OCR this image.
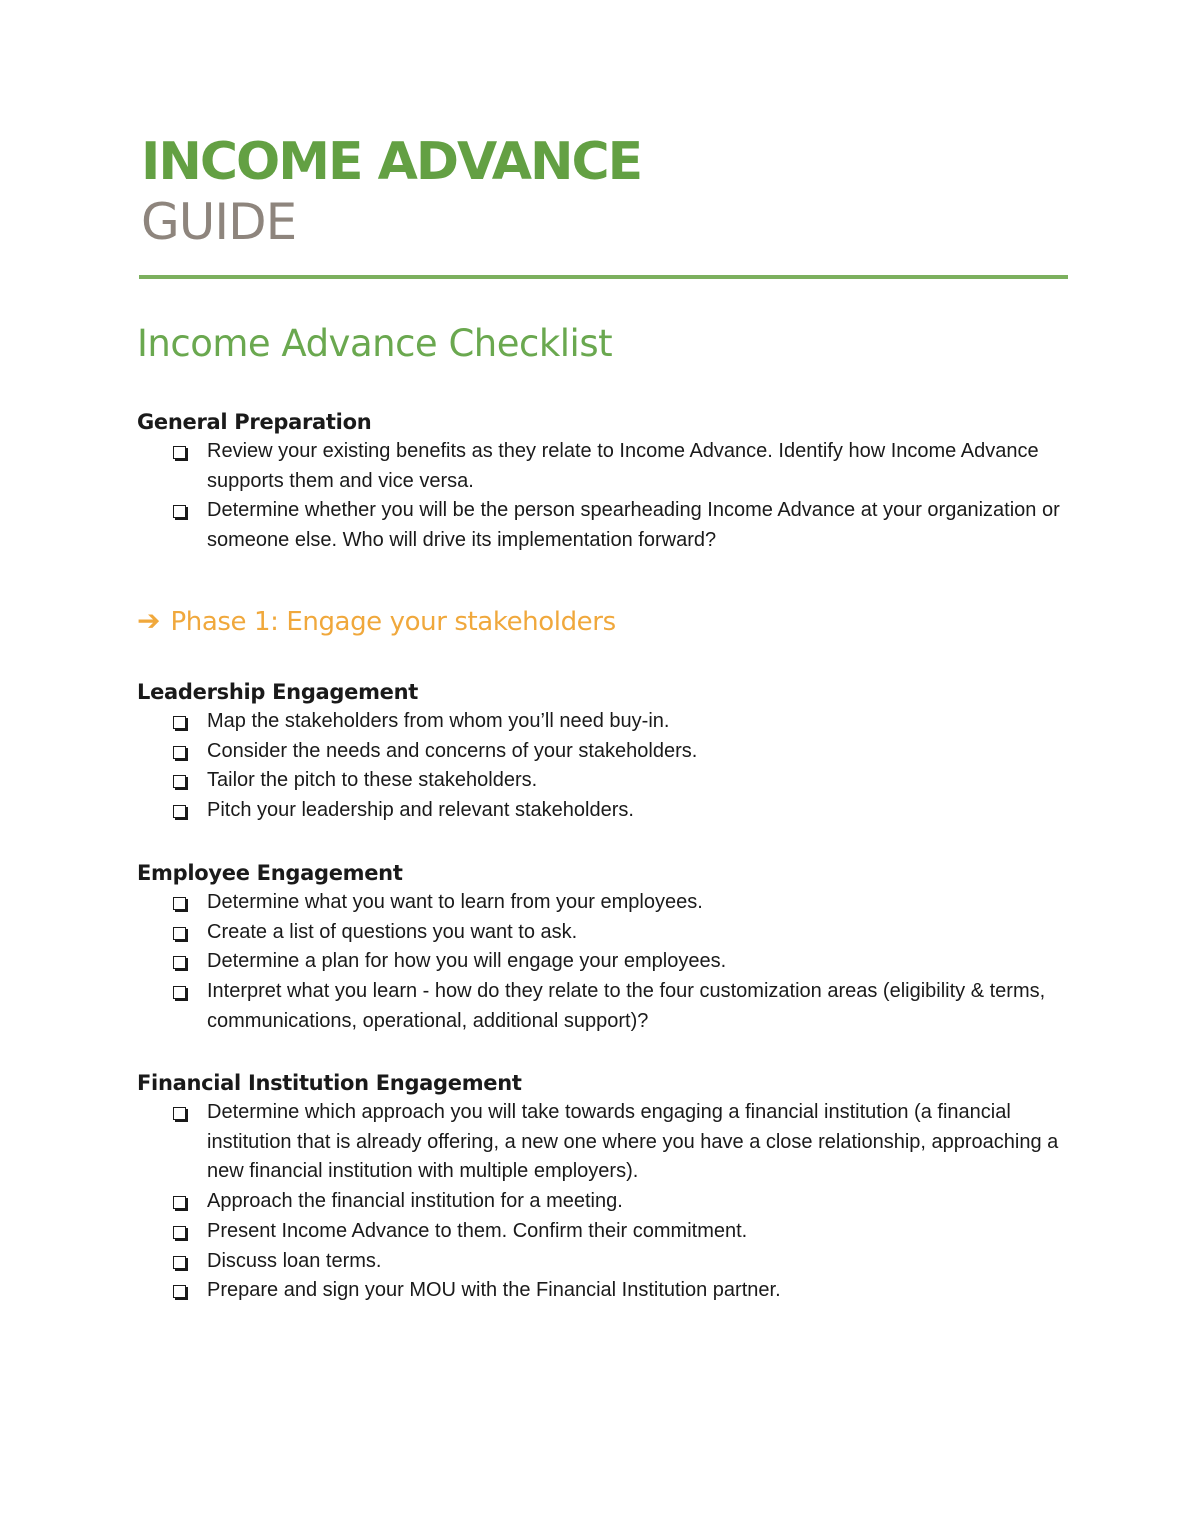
INCOME ADVANCE
GUIDE
Income Advance Checklist
General Preparation
Review your existing benefits as they relate to Income Advance. Identify how Income Advance supports them and vice versa.
Determine whether you will be the person spearheading Income Advance at your organization or someone else. Who will drive its implementation forward?
➔ Phase 1: Engage your stakeholders
Leadership Engagement
Map the stakeholders from whom you’ll need buy-in.
Consider the needs and concerns of your stakeholders.
Tailor the pitch to these stakeholders.
Pitch your leadership and relevant stakeholders.
Employee Engagement
Determine what you want to learn from your employees.
Create a list of questions you want to ask.
Determine a plan for how you will engage your employees.
Interpret what you learn - how do they relate to the four customization areas (eligibility & terms, communications, operational, additional support)?
Financial Institution Engagement
Determine which approach you will take towards engaging a financial institution (a financial institution that is already offering, a new one where you have a close relationship, approaching a new financial institution with multiple employers).
Approach the financial institution for a meeting.
Present Income Advance to them. Confirm their commitment.
Discuss loan terms.
Prepare and sign your MOU with the Financial Institution partner.
